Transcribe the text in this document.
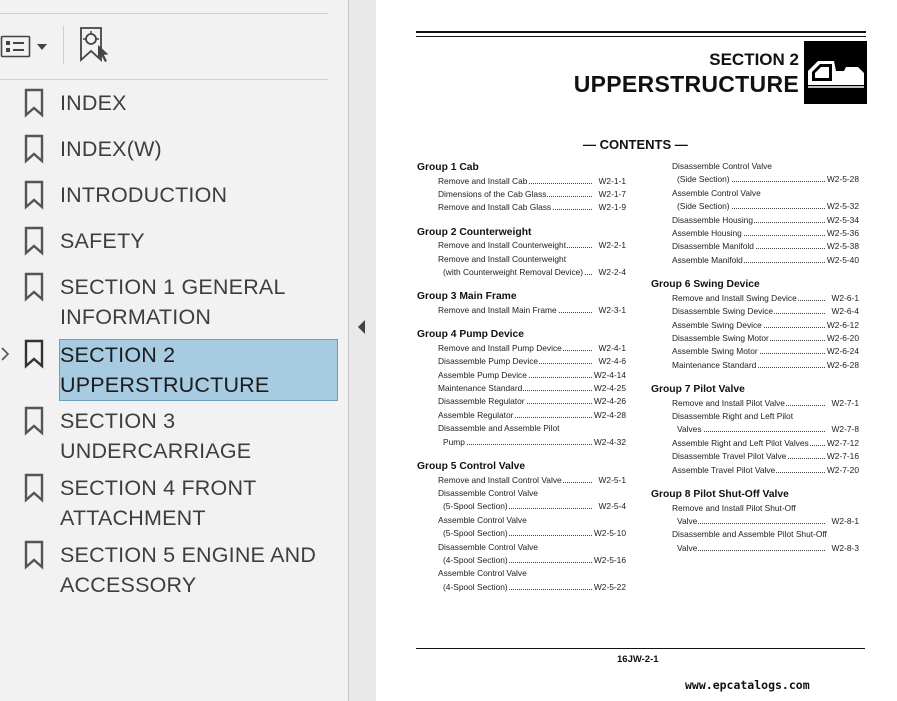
INDEX
INDEX(W)
INTRODUCTION
SAFETY
SECTION 1 GENERAL
INFORMATION
SECTION 2
UPPERSTRUCTURE
SECTION 3
UNDERCARRIAGE
SECTION 4 FRONT
ATTACHMENT
SECTION 5 ENGINE AND
ACCESSORY
SECTION 2
UPPERSTRUCTURE
— CONTENTS —
Group 1 Cab
Remove and Install Cab	W2-1-1
Dimensions of the Cab Glass	W2-1-7
Remove and Install Cab Glass	W2-1-9
Group 2 Counterweight
Remove and Install Counterweight	W2-2-1
Remove and Install Counterweight
(with Counterweight Removal Device) W2-2-4
Group 3 Main Frame
Remove and Install Main Frame	W2-3-1
Group 4 Pump Device
Remove and Install Pump Device	W2-4-1
Disassemble Pump Device	W2-4-6
Assemble Pump Device	W2-4-14
Maintenance Standard	W2-4-25
Disassemble Regulator	W2-4-26
Assemble Regulator	W2-4-28
Disassemble and Assemble Pilot
Pump	W2-4-32
Group 5 Control Valve
Remove and Install Control Valve	W2-5-1
Disassemble Control Valve
(5-Spool Section)	W2-5-4
Assemble Control Valve
(5-Spool Section)	W2-5-10
Disassemble Control Valve
(4-Spool Section)	W2-5-16
Assemble Control Valve
(4-Spool Section)	W2-5-22
Disassemble Control Valve
(Side Section)	W2-5-28
Assemble Control Valve
(Side Section)	W2-5-32
Disassemble Housing	W2-5-34
Assemble Housing	W2-5-36
Disassemble Manifold	W2-5-38
Assemble Manifold	W2-5-40
Group 6 Swing Device
Remove and Install Swing Device	W2-6-1
Disassemble Swing Device	W2-6-4
Assemble Swing Device	W2-6-12
Disassemble Swing Motor	W2-6-20
Assemble Swing Motor	W2-6-24
Maintenance Standard	W2-6-28
Group 7 Pilot Valve
Remove and Install Pilot Valve	W2-7-1
Disassemble Right and Left Pilot
Valves	W2-7-8
Assemble Right and Left Pilot Valves W2-7-12
Disassemble Travel Pilot Valve	W2-7-16
Assemble Travel Pilot Valve	W2-7-20
Group 8 Pilot Shut-Off Valve
Remove and Install Pilot Shut-Off
Valve	W2-8-1
Disassemble and Assemble Pilot Shut-Off
Valve	W2-8-3
16JW-2-1
www.epcatalogs.com
